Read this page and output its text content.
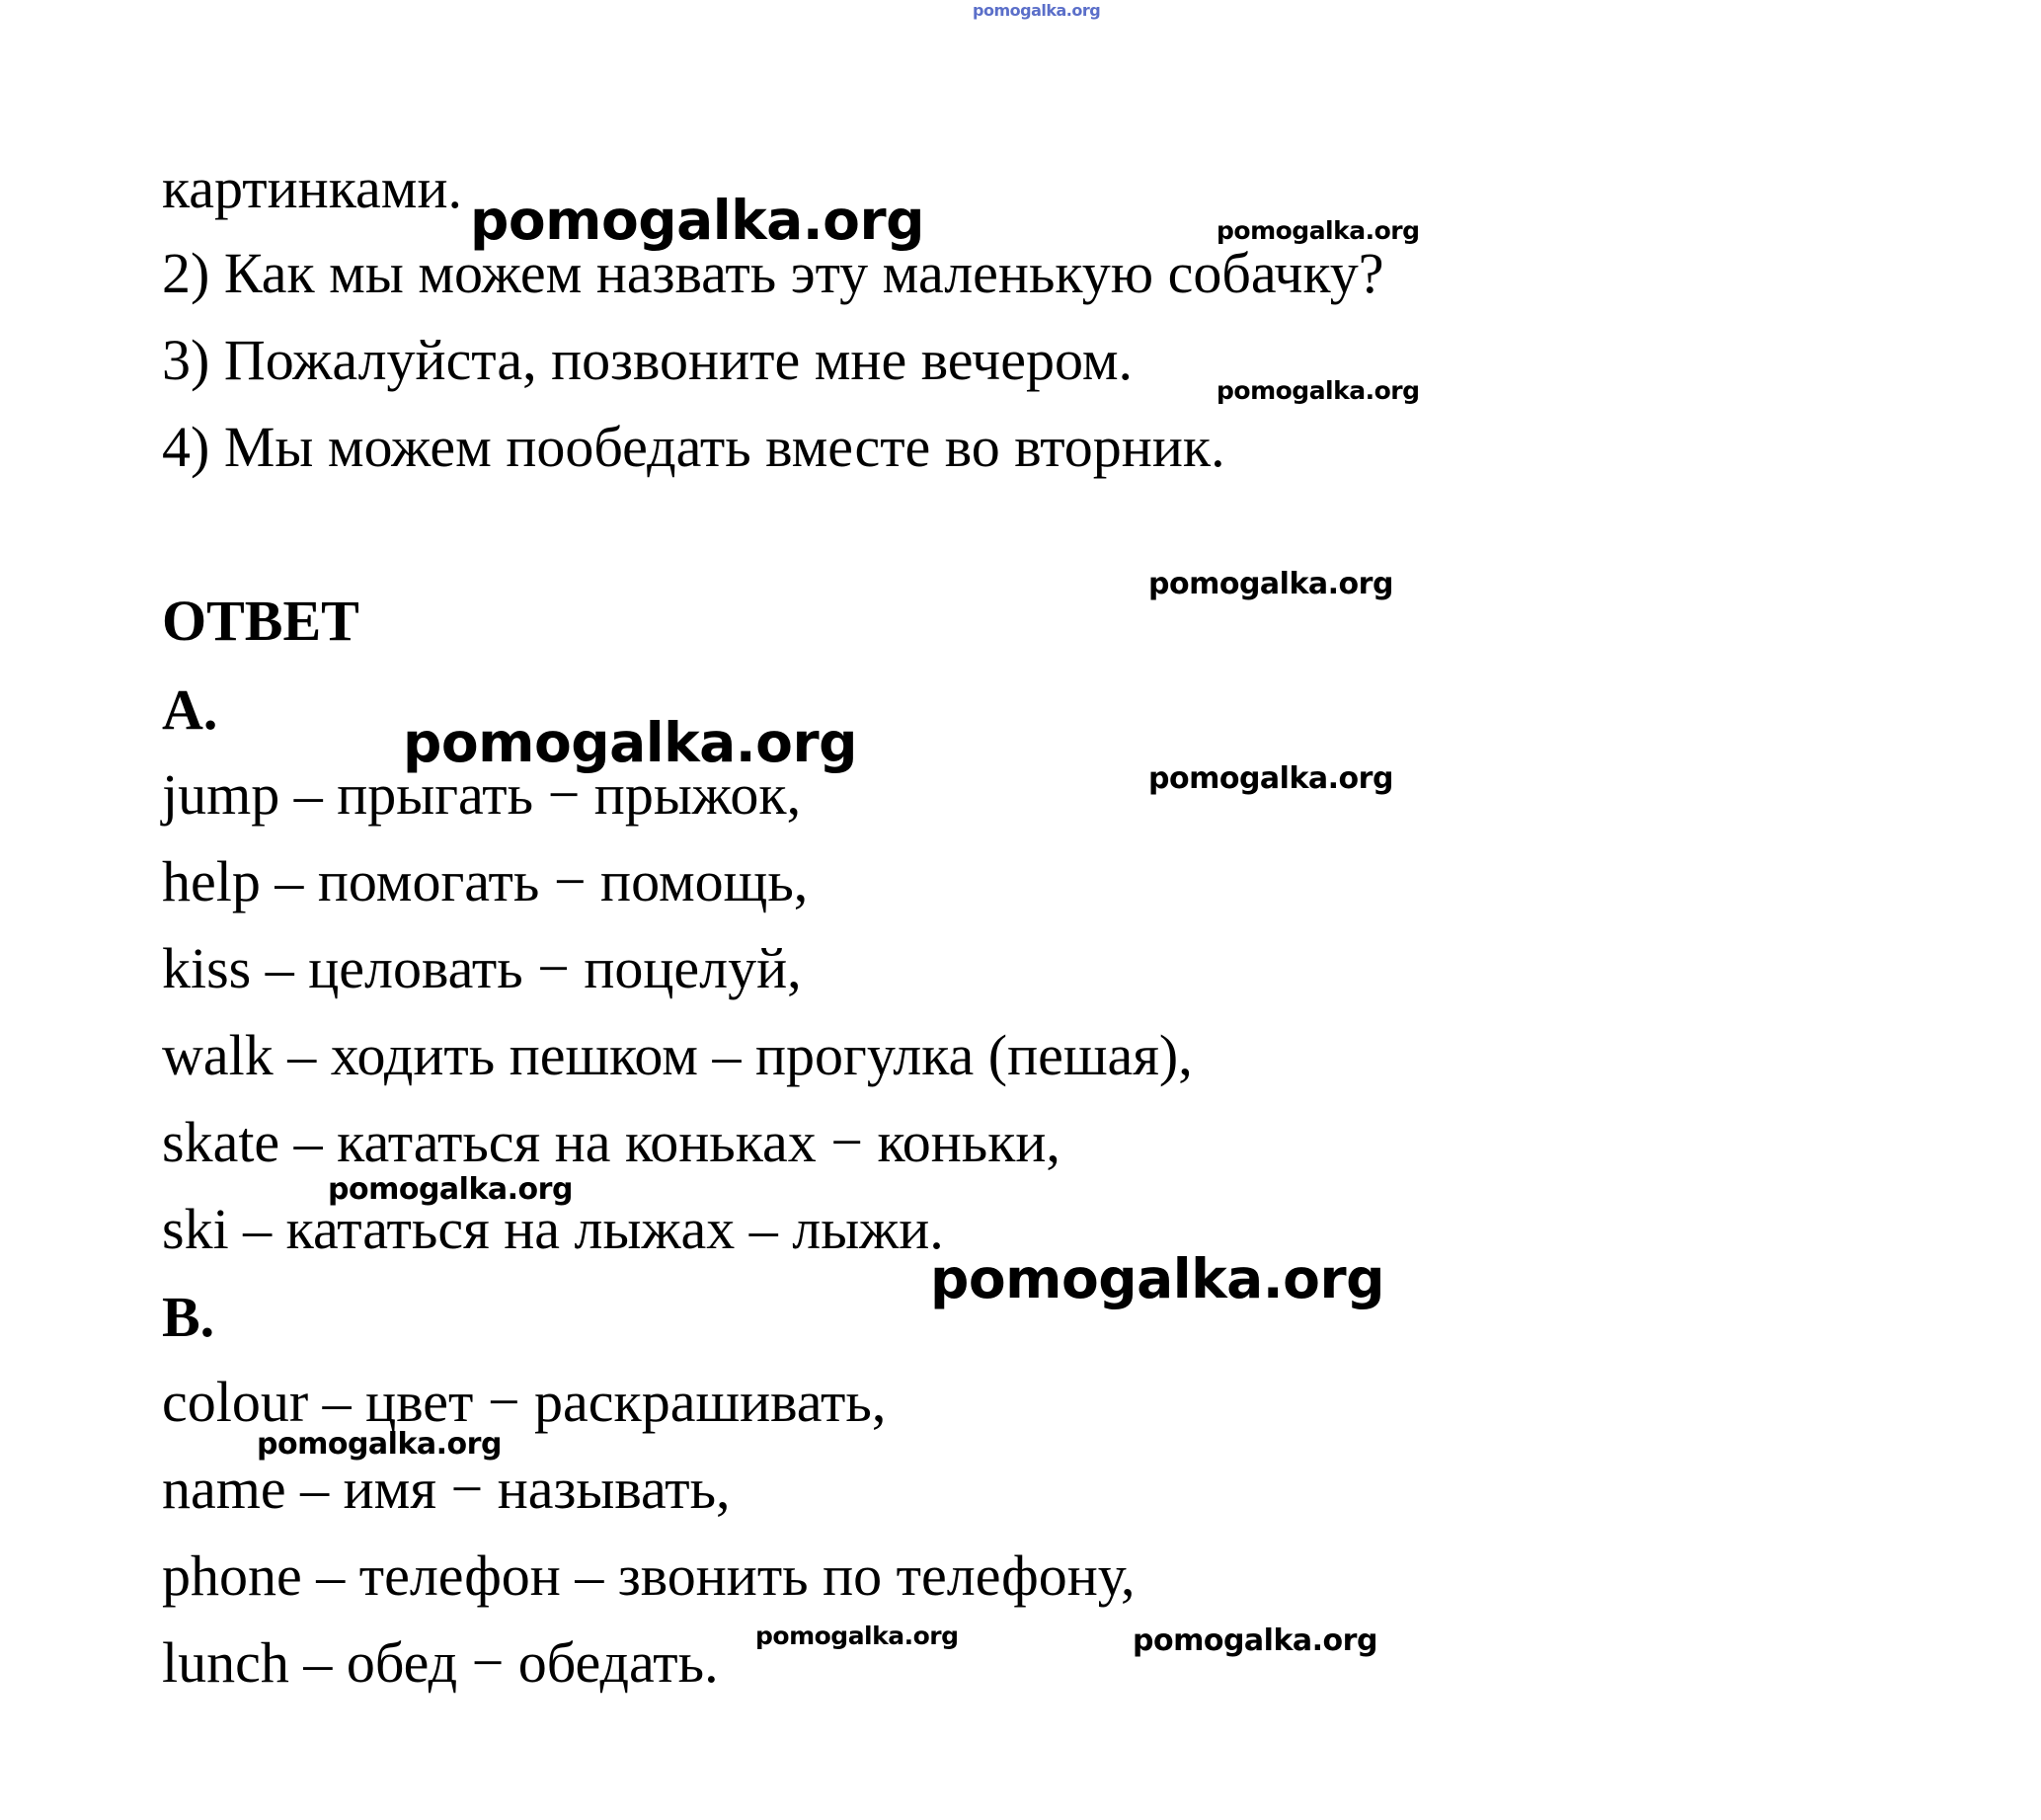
pomogalka.org

картинками.

2) Как мы можем назвать эту маленькую собачку?

3) Пожалуйста, позвоните мне вечером.

4) Мы можем пообедать вместе во вторник.

ОТВЕТ

A.

jump – прыгать − прыжок,

help – помогать − помощь,

kiss – целовать − поцелуй,

walk – ходить пешком – прогулка (пешая),

skate – кататься на коньках − коньки,

ski – кататься на лыжах – лыжи.

B.

colour – цвет − раскрашивать,

name – имя − называть,

phone – телефон – звонить по телефону,

lunch – обед − обедать.

pomogalka.org	pomogalka.org
pomogalka.org
pomogalka.org
pomogalka.org
pomogalka.org
pomogalka.org
pomogalka.org
pomogalka.org
pomogalka.org	pomogalka.org
